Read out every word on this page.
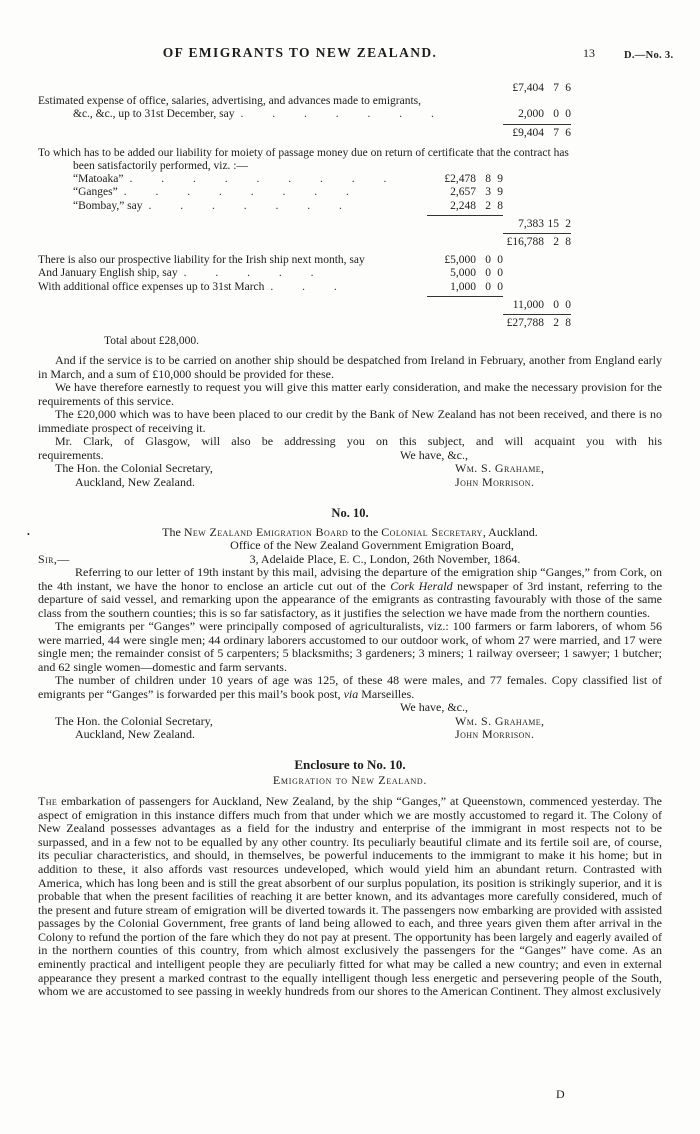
OF EMIGRANTS TO NEW ZEALAND.	13	D.—No. 3.
£7,404 7 6
Estimated expense of office, salaries, advertising, and advances made to emigrants,
&c., &c., up to 31st December, say . . . . . . .	2,000 0 0
£9,404 7 6
To which has to be added our liability for moiety of passage money due on return of certificate that the contract has been satisfactorily performed, viz. :—
“Matoaka” . . . . . . . . .	£2,478 8 9
“Ganges” . . . . . . . .	2,657 3 9
“Bombay,” say . . . . . . .	2,248 2 8
7,383 15 2
£16,788 2 8
There is also our prospective liability for the Irish ship next month, say	£5,000 0 0
And January English ship, say . . . . .	5,000 0 0
With additional office expenses up to 31st March . . .	1,000 0 0
11,000 0 0
£27,788 2 8
Total about £28,000.
And if the service is to be carried on another ship should be despatched from Ireland in February, another from England early in March, and a sum of £10,000 should be provided for these.
We have therefore earnestly to request you will give this matter early consideration, and make the necessary provision for the requirements of this service.
The £20,000 which was to have been placed to our credit by the Bank of New Zealand has not been received, and there is no immediate prospect of receiving it.
Mr. Clark, of Glasgow, will also be addressing you on this subject, and will acquaint you with his
requirements.	We have, &c.,
The Hon. the Colonial Secretary,	Wm. S. Grahame,
Auckland, New Zealand.	John Morrison.
No. 10.
•	The New Zealand Emigration Board to the Colonial Secretary, Auckland.
Office of the New Zealand Government Emigration Board,
Sir,—	3, Adelaide Place, E. C., London, 26th November, 1864.
Referring to our letter of 19th instant by this mail, advising the departure of the emigration ship “Ganges,” from Cork, on the 4th instant, we have the honor to enclose an article cut out of the Cork Herald newspaper of 3rd instant, referring to the departure of said vessel, and remarking upon the appearance of the emigrants as contrasting favourably with those of the same class from the southern counties; this is so far satisfactory, as it justifies the selection we have made from the northern counties.
The emigrants per “Ganges” were principally composed of agriculturalists, viz.: 100 farmers or farm laborers, of whom 56 were married, 44 were single men; 44 ordinary laborers accustomed to our outdoor work, of whom 27 were married, and 17 were single men; the remainder consist of 5 carpenters; 5 blacksmiths; 3 gardeners; 3 miners; 1 railway overseer; 1 sawyer; 1 butcher; and 62 single women—domestic and farm servants.
The number of children under 10 years of age was 125, of these 48 were males, and 77 females. Copy classified list of emigrants per “Ganges” is forwarded per this mail’s book post, via Marseilles.
We have, &c.,
The Hon. the Colonial Secretary,	Wm. S. Grahame,
Auckland, New Zealand.	John Morrison.
Enclosure to No. 10.
Emigration to New Zealand.
The embarkation of passengers for Auckland, New Zealand, by the ship “Ganges,” at Queenstown, commenced yesterday. The aspect of emigration in this instance differs much from that under which we are mostly accustomed to regard it. The Colony of New Zealand possesses advantages as a field for the industry and enterprise of the immigrant in most respects not to be surpassed, and in a few not to be equalled by any other country. Its peculiarly beautiful climate and its fertile soil are, of course, its peculiar characteristics, and should, in themselves, be powerful inducements to the immigrant to make it his home; but in addition to these, it also affords vast resources undeveloped, which would yield him an abundant return. Contrasted with America, which has long been and is still the great absorbent of our surplus population, its position is strikingly superior, and it is probable that when the present facilities of reaching it are better known, and its advantages more carefully considered, much of the present and future stream of emigration will be diverted towards it. The passengers now embarking are provided with assisted passages by the Colonial Government, free grants of land being allowed to each, and three years given them after arrival in the Colony to refund the portion of the fare which they do not pay at present. The opportunity has been largely and eagerly availed of in the northern counties of this country, from which almost exclusively the passengers for the “Ganges” have come. As an eminently practical and intelligent people they are peculiarly fitted for what may be called a new country; and even in external appearance they present a marked contrast to the equally intelligent though less energetic and persevering people of the South, whom we are accustomed to see passing in weekly hundreds from our shores to the American Continent. They almost exclusively
D
